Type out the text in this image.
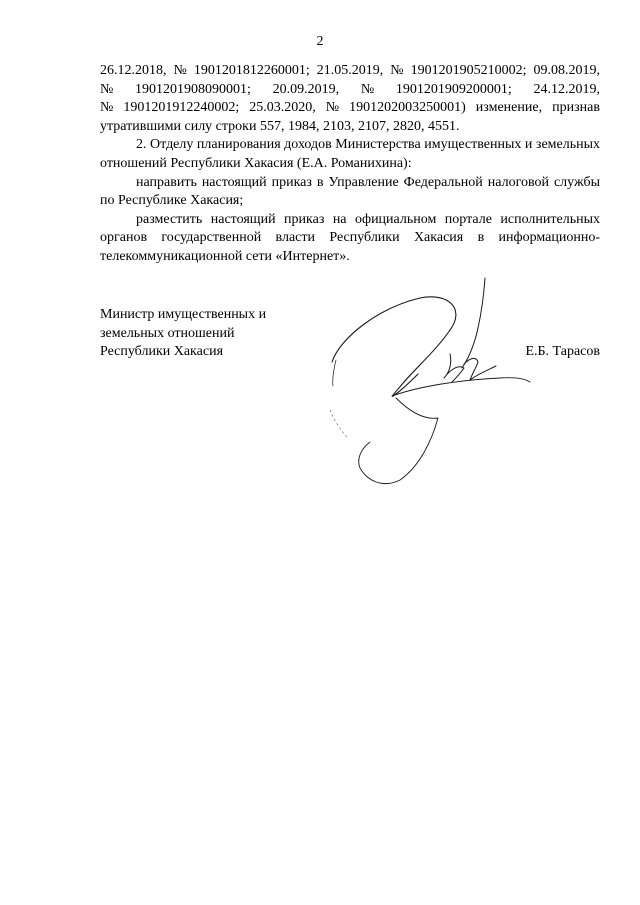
2

26.12.2018, № 1901201812260001; 21.05.2019, № 1901201905210002; 09.08.2019,

№ 1901201908090001; 20.09.2019, № 1901201909200001; 24.12.2019,

№ 1901201912240002; 25.03.2020, № 1901202003250001) изменение, признав

утратившими силу строки 557, 1984, 2103, 2107, 2820, 4551.

2. Отделу планирования доходов Министерства имущественных и земельных отношений Республики Хакасия (Е.А. Романихина):

направить настоящий приказ в Управление Федеральной налоговой службы по Республике Хакасия;

разместить настоящий приказ на официальном портале исполнительных органов государственной власти Республики Хакасия в информационно-телекоммуникационной сети «Интернет».

Министр имущественных и
земельных отношений
Республики Хакасия	Е.Б. Тарасов
